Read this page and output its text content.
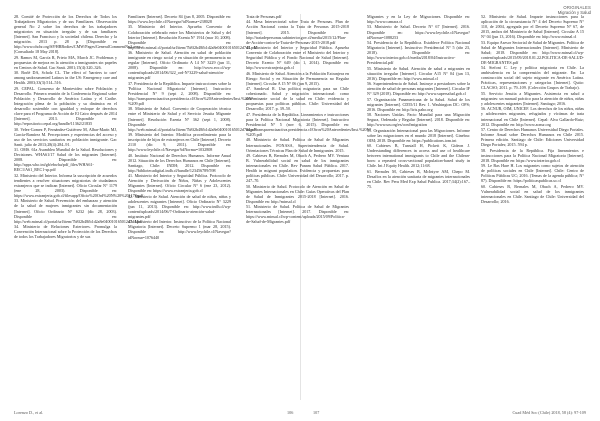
ORIGINALES
Migración y Salud

28. Comité de Protección de los Derechos de Todos los Trabajadores Migratorios y de sus Familiares. Observación general No 2 sobre los derechos de los trabajadores migratorios en situación irregular y de sus familiares [Internet]. San Francisco y la sociedad chilena. Derecho y la migración. 2013 p. 28 p. [Disponible en http://www.ohchr.org/SP/HRBodies/CMW/Pages/GeneralCommentNo2.aspx [Consultado 18 May 2018].

29. Ramos M, García R, Prieto MA, March JC. Problemas y propuestas de mejora en la atención a inmigrantes sin papeles en Centros de Salud. Gac Sanit. 2001;15(4):320–326.

30. Borlé DA, Scholz CL. The effect of 'barriers to care' among undocumented Latinos in the US: Emergency care and Health. 2003;33(3):514–516.

29. CEPAL. Consenso de Montevideo sobre Población y Desarrollo. Primera reunión de la Conferencia Regional sobre Población y Desarrollo de América Latina y el Caribe. Integración plena de la población y su dinámica en el desarrollo sostenible con igualdad y enfoque de derechos clave para el Programa de Acción de El Cairo después de 2014 [Internet]. 2013. Disponible en: http://repositorio.cepal.org/handle/11362/21835

30. Velez-Gomez P, Fernández-Gutiérrez M, Albar-Marín MJ, García-Ramírez M. Percepciones y experiencias del acceso y uso de los servicios sanitarios en población inmigrante. Gac Sanit. julio de 2013;28(4):284–91.

31. OMS. 61a Asamblea Mundial de la Salud. Resoluciones y Decisiones. WHA61/17 Salud de los migrantes [Internet]. 2008. Disponible en: http://apps.who.int/gb/ebwha/pdf_files/WHA61-REC1/A61_REC1-sp.pdf

32. Ministerio del Interior. Informa la suscripción de acuerdos tendientes a resolver situaciones migratorias de ciudadanos extranjeros que se indican [Internet]. Oficio Circular N° 1179 (ene 28, 2003). Disponible en: https://www.extranjeria.gob.cl/filesapp/Oficio%20Ord%20N%20%201179.pdf

33. Ministerio de Salud. Prevención del embarazo y atención de la salud de mujeres inmigrantes sin documentación [Internet]. Oficio Ordinario N° 6232 (dic 28, 2003). Disponible en: http://web.minsal.cl/portal/url/item/7b8f2b48fb1d2a8e040010165012d7d4.pdf

34. Ministerio de Relaciones Exteriores. Promulga la Convención Internacional sobre la Protección de los Derechos de todos los Trabajadores Migratorios y de sus

Familiares [Internet]. Decreto 84 (jun 8, 2005. Disponible en: https://www.leychile.cl/Navegar?idNorma=238028

35. Ministerio del Interior. Aprueba Convenio de Colaboración celebrado entre los Ministerios de Salud y del Interior [Internet]. Resolución Exenta N° 1914 (mar 10, 2008). Disponible en: http://web.minsal.cl/portal/url/item/7b8f2b48fb1d2a8e040010165012d7d4.pdf

36. Ministerio de Salud. Atención en salud de población inmigrante en riesgo social y en situación de permanencia no regular [Internet]. Oficio Ordinario A 14 N° 3229 (jun 11, 2008). Disponible en: http://www.eoc.cl/wp-content/uploads/2014/06/322_ord-N°3229-salud-atención-migrantes.pdf

37. Presidencia de la República. Imparte instrucciones sobre la 'Política Nacional Migratoria' [Internet]. Instructivo Presidencial N° 9 (sept 2, 2008). Disponible en: http://transparenciaactiva.presidencia.cl/Otros%20Antecedentes/Inst.%20N°%209.pdf

38. Ministerio de Salud. Convenio de Cooperación técnica entre el Ministerio de Salud y el Servicio Jesuita Migrante [Internet]. Resolución Exenta N° 362 (sept 1, 2008). Disponible en: http://web.minsal.cl/portal/url/item/7b8f2b48fb1d2a8e040010165012d7d4.pdf

39. Ministerio del Interior. Modifica procedimiento para la inscripción de hijos de extranjeros en Chile [Internet]. Decreto 2110 (dic 9, 2011). Disponible en: http://www.leychile.cl/Navegar?idNorma=1032808

40. Instituto Nacional de Derechos Humanos. Informe Anual 2012. Situación de los Derechos Humanos en Chile [Internet]. Santiago, Chile: INDH; 2012. Disponible en: http://bibliotecadigital.indh.cl/handle/123456789/598

41. Ministerio del Interior y Seguridad Pública. Protocolo de Atención y Derivación de Niños, Niñas y Adolescentes Migrantes [Internet]. Oficio Circular N° 6 (ene 23, 2012). Disponible en: https://www.extranjeria.gob.cl

42. Ministerio de Salud. Atención de salud de niños, niñas y adolescentes migrantes [Internet]. Oficio Ordinario N° 3229 (jun 11, 2013). Disponible en: http://www.indh.cl/wp-content/uploads/2014/06/7-Ordinario-atención-salud-migrantes.pdf

43. Ministerio del Interior. Instructivo de la Política Nacional Migratoria [Internet]. Decreto Supremo 1 (mar 28, 2015). Disponible en: http://www.leychile.cl/Navegar?idNorma=1076440

Trata de Personas.pdf

44. Mesa Intersectorial sobre Trata de Personas. Plan de Acción Nacional contra la Trata de Personas 2015-2018 [Internet]. 2015. Disponible en: http://tratadepersonas.subinterior.gov.cl/media/2015/12/Plan-de-Acción-contra-la-Trata-de-Personas-2015-2018.pdf

45. Ministerio del Interior y Seguridad Pública. Aprueba Convenio de Colaboración entre el Ministerio del Interior y Seguridad Pública y el Fondo Nacional de Salud [Internet]. Decreto Exento N° 649 (dic 1, 2014). Disponible en: http://www.extranjeria.gob.cl

46. Ministerio de Salud. Atención a la Población Extranjera en Riesgo Social y en Situación de Permanencia no Regular [Internet]. Circular A 15 N° 06 (jun 9, 2015).

47. Sandoval R. Una política migratoria para un Chile cohesionado. Salud y migración internacional: como determinante social de la salud en Chile: evidencia y propuestas para políticas públicas. Chile: Universidad del Desarrollo; 2017. p. 39–50.

47. Presidencia de la República. Lineamientos e instrucciones para la Política Nacional Migratoria [Internet]. Instructivo Presidencial N° 5 (nov 6, 2015). Disponible en: http://transparenciaactiva.presidencia.cl/Otros%20Antecedentes/Inst.%20N°%205.pdf

48. Ministerio de Salud. Política de Salud de Migrantes Internacionales. FONASA, Superintendencia de Salud. Orientaciones Técnicas Plan de Salud de Inmigrantes. 2015.

49. Cabieses B, Bernales M, Obach A, Pedrero MV. Ventura B. Vulnerabilidad social en salud de los inmigrantes internacionales en Chile. Rev Panam Salud Pública. 2017. Health in migrant population. Evidencia y propuestas para políticas públicas. Chile: Universidad del Desarrollo; 2017. p. 247–70.

50. Ministerio de Salud. Protocolo de Atención en Salud de Migrantes Internacionales en Chile: Guías Operativas del Plan de Salud de Inmigrantes 2015-2018 [Internet]. 2016. Disponible en: http://minsal.cl

51. Ministerio de Salud. Política de Salud de Migrantes Internacionales [Internet]. 2017. Disponible en: https://www.minsal.cl/wp-content/uploads/2015/09/Política-de-Salud-de-Migrantes.pdf

Migrantes y en la Ley de Migraciones. Disponible en: http://www.camara.cl

53. Ministerio de Salud. Decreto N° 67 [Internet]. 2016. Disponible en: https://www.leychile.cl/Navegar?idNorma=1088253

54. Presidencia de la República. Establece Política Nacional Migratoria [Internet]. Instructivo Presidencial N° 5 (abr 23, 2018). Disponible en: http://www.interior.gob.cl/media/2018/04/Instructivo-Presidencial.pdf

55. Ministerio de Salud. Atención de salud a migrantes en situación irregular [Internet]. Circular A15 N° 04 (jun 13, 2016). Disponible en: http://www.minsal.cl

56. Superintendencia de Salud. Instruye a prestadores sobre la atención de salud de personas migrantes [Internet]. Circular IF N° 329 (2018). Disponible en: http://www.supersalud.gob.cl

57. Organización Panamericana de la Salud. Salud de los migrantes [Internet]. CD55/11 Rev. 1. Washington DC: OPS; 2016. Disponible en: http://iris.paho.org

58. Naciones Unidas. Pacto Mundial para una Migración Segura, Ordenada y Regular [Internet]. 2018. Disponible en: http://www.un.org/es/conf/migration

59. Organización Internacional para las Migraciones. Informe sobre las migraciones en el mundo 2018 [Internet]. Ginebra: OIM; 2018. Disponible en: https://publications.iom.int

60. Cabieses B, Tunstall H, Pickett K, Gideon J. Understanding differences in access and use of healthcare between international immigrants to Chile and the Chilean-born: a repeated cross-sectional population-based study in Chile. Int J Equity Health. 2012;11:68.

61. Bernales M, Cabieses B, McIntyre AM, Chepo M. Desafíos en la atención sanitaria de migrantes internacionales en Chile. Rev Peru Med Exp Salud Publica. 2017;34(2):167–75.

52. Ministerio de Salud. Imparte instrucciones para la aplicación de la circunstancia N° 4 del Decreto Supremo N° 110, de 2004, agregada por el Decreto Supremo N° 67, de 2015, ambos del Ministerio de Salud [Internet]. Circular A 15 N° 04 (jun 13, 2016). Disponible en: http://www.minsal.cl

53. Equipo Asesor Sectorial de Salud de Migrantes. Política de Salud de Migrantes Internacionales [Internet]. Ministerio de Salud; 2018. Disponible en: http://www.minsal.cl/wp-content/uploads/2015/09/2018.01.22.POLITICA-DE-SALUD-DE-MIGRANTES.pdf

54. Stefoni C. Ley y política migratoria en Chile. La ambivalencia en la comprensión del migrante. En: La construcción social del sujeto migrante en América Latina. Prácticas, representaciones y categorías [Internet]. Quito: CLACSO; 2011. p. 79–109. (Colección Grupos de Trabajo).

55. Servicio Jesuita a Migrantes. Asistencia en salud a migrantes: un manual práctico para la atención de niños, niñas y adolescentes migrantes [Internet]. Santiago; 2016.

56. ACNUR, OIM, UNICEF. Los derechos de los niños, niñas y adolescentes migrantes, refugiados y víctimas de trata internacional en Chile [Internet]. Cepal: Alva Gallardo-Ruiz; 2012. Disponible en: http://www.acnur.org

57. Centro de Derechos Humanos Universidad Diego Portales. Informe Anual sobre Derechos Humanos en Chile 2015. Primera edición. Santiago de Chile: Ediciones Universidad Diego Portales; 2015. 594 p.

58. Presidencia de la República. Fija lineamientos e instrucciones para la Política Nacional Migratoria [Internet]. 2018. Disponible en: https://www.interior.gob.cl

59. Le Bas Hare H. Los migrantes como sujetos de atención de políticas sociales en Chile [Internet]. Chile: Centro de Políticas Públicas UC; 2016. (Temas de la agenda pública; N° 87). Disponible en: https://politicaspublicas.uc.cl

60. Cabieses B, Bernales M, Obach A, Pedrero MV. Vulnerabilidad social en salud de los inmigrantes internacionales en Chile. Santiago de Chile: Universidad del Desarrollo; 2016.

Lorenzo D., et al.	106	107	Cuad Méd Soc (Chile) 2018, 58 (4): 97-109
